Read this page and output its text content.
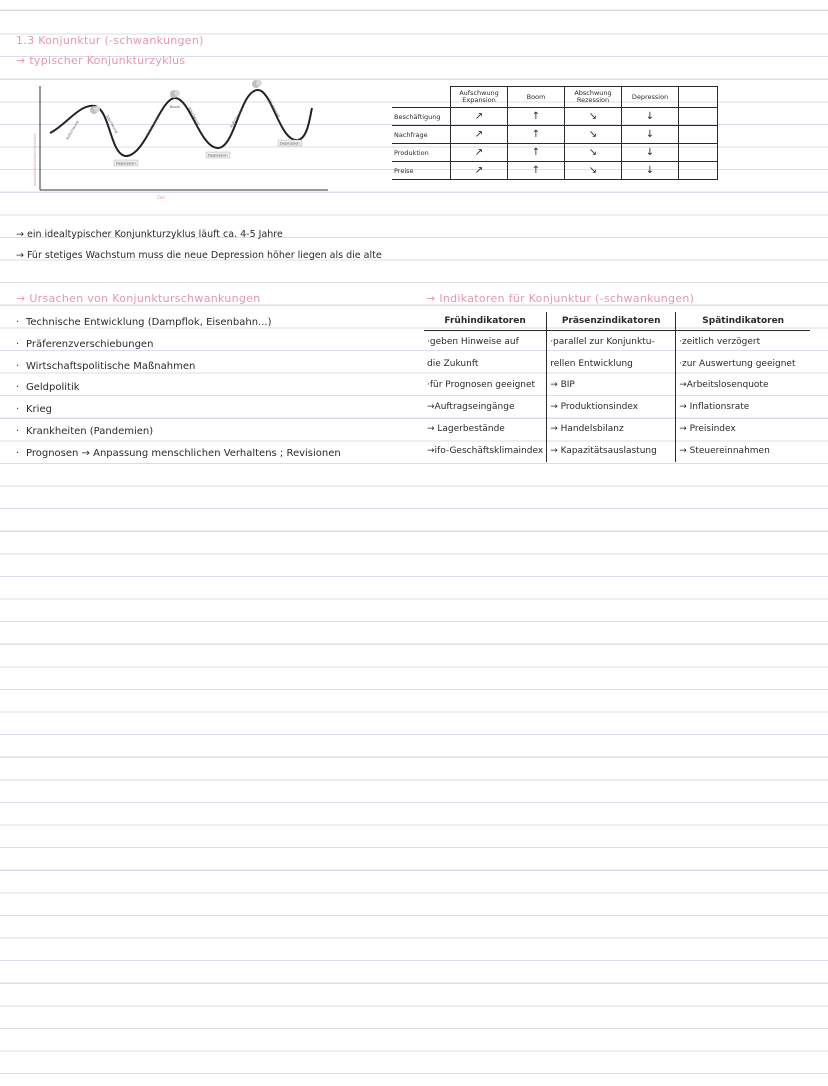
1.3 Konjunktur (-schwankungen)
→ typischer Konjunkturzyklus
gesamtwirtschaftliche Produktion
Zeit
Aufschwung	Abschwung
Depression
Aufschwung
Boom Abschwung
Depression
Aufschwung	Abschwung
Depression
	Aufschwung Expansion	Boom	Abschwung Rezession	Depression	
Beschäftigung	↗	↑	↘	↓	
Nachfrage	↗	↑	↘	↓	
Produktion	↗	↑	↘	↓	
Preise	↗	↑	↘	↓	
→ ein idealtypischer Konjunkturzyklus läuft ca. 4-5 Jahre
→ Für stetiges Wachstum muss die neue Depression höher liegen als die alte
→ Ursachen von Konjunkturschwankungen
· Technische Entwicklung (Dampflok, Eisenbahn...)
· Präferenzverschiebungen
· Wirtschaftspolitische Maßnahmen
· Geldpolitik
· Krieg
· Krankheiten (Pandemien)
· Prognosen → Anpassung menschlichen Verhaltens ; Revisionen
→ Indikatoren für Konjunktur (-schwankungen)
Frühindikatoren	Präsenzindikatoren	Spätindikatoren
·geben Hinweise auf	·parallel zur Konjunktu-	·zeitlich verzögert
die Zukunft	rellen Entwicklung	·zur Auswertung geeignet
·für Prognosen geeignet	→ BIP	→Arbeitslosenquote
→Auftragseingänge	→ Produktionsindex	→ Inflationsrate
→ Lagerbestände	→ Handelsbilanz	→ Preisindex
→ifo-Geschäftsklimaindex	→ Kapazitätsauslastung	→ Steuereinnahmen
